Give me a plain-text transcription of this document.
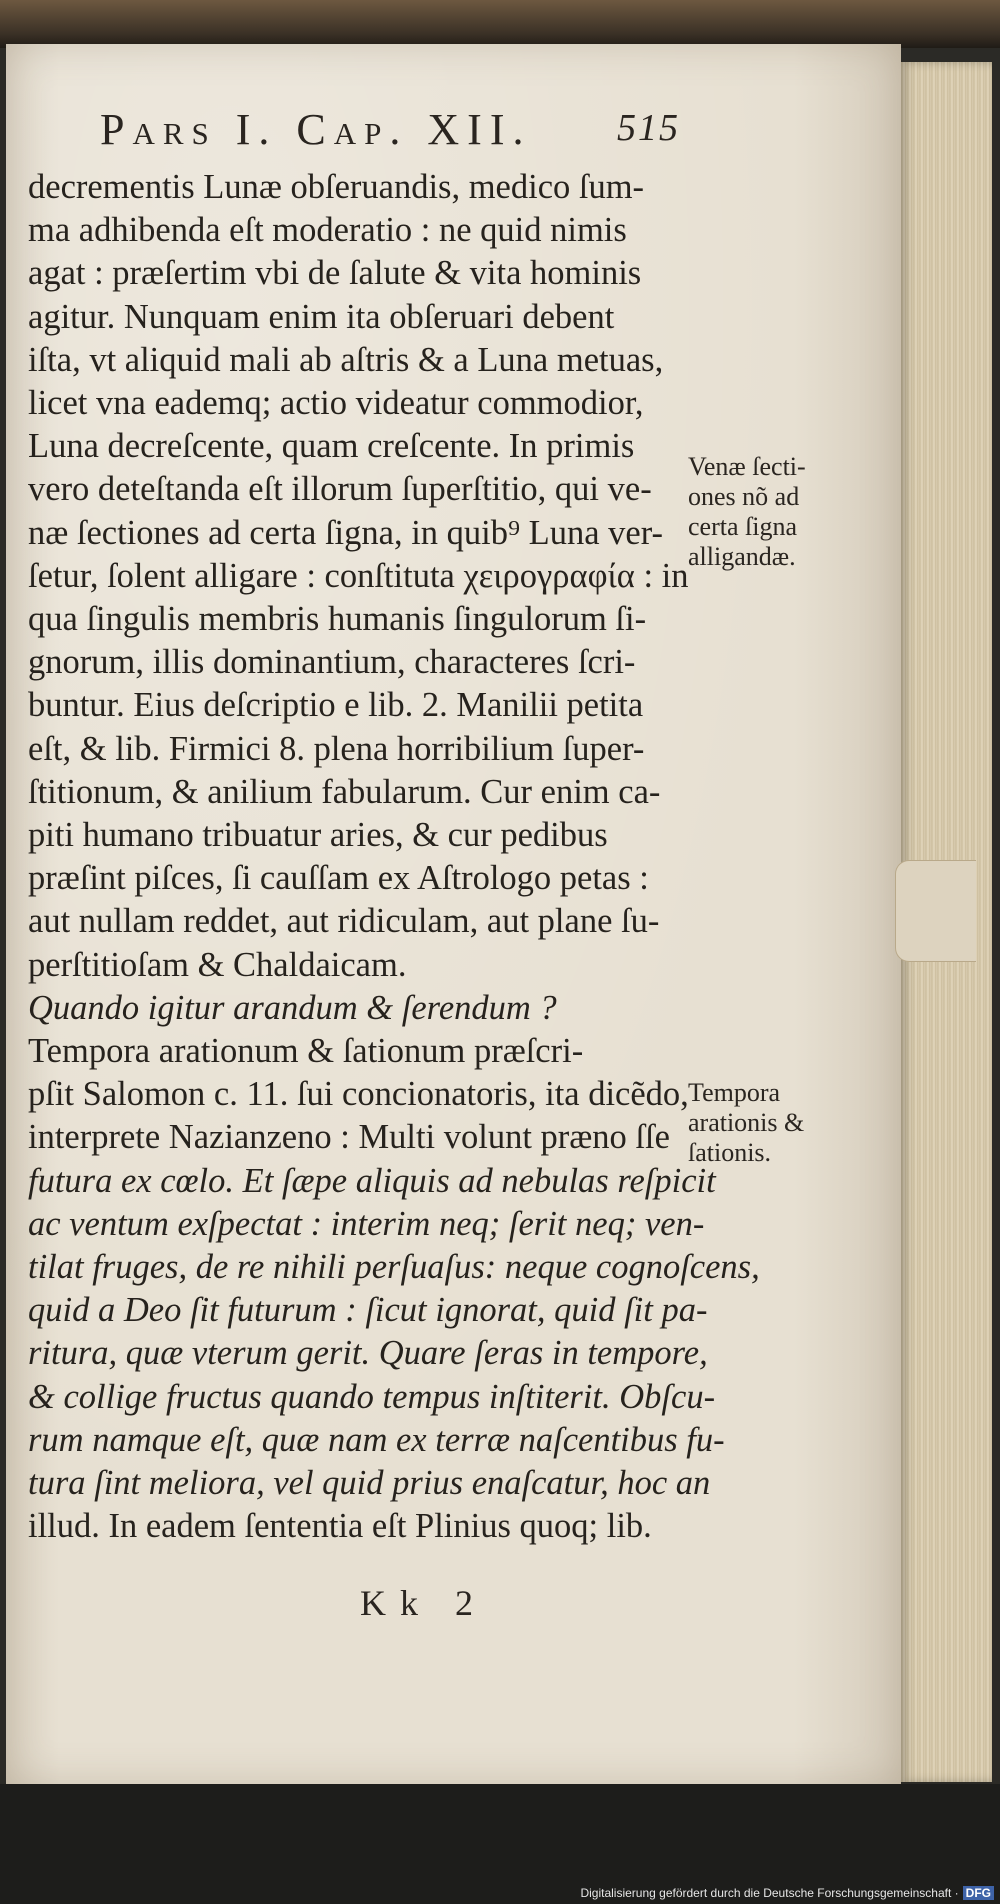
Pars I. Cap. XII. 515
decrementis Lunæ obſeruandis, medico ſum-
ma adhibenda eſt moderatio : ne quid nimis
agat : præſertim vbi de ſalute & vita hominis
agitur. Nunquam enim ita obſeruari debent
iſta, vt aliquid mali ab aſtris & a Luna metuas,
licet vna eademq; actio videatur commodior,
Luna decreſcente, quam creſcente. In primis
vero deteſtanda eſt illorum ſuperſtitio, qui ve-
næ ſectiones ad certa ſigna, in quib⁹ Luna ver-
ſetur, ſolent alligare : conſtituta χειρογραφία : in
qua ſingulis membris humanis ſingulorum ſi-
gnorum, illis dominantium, characteres ſcri-
buntur. Eius deſcriptio e lib. 2. Manilii petita
eſt, & lib. Firmici 8. plena horribilium ſuper-
ſtitionum, & anilium fabularum. Cur enim ca-
piti humano tribuatur aries, & cur pedibus
præſint piſces, ſi cauſſam ex Aſtrologo petas :
aut nullam reddet, aut ridiculam, aut plane ſu-
perſtitioſam & Chaldaicam.
Quando igitur arandum & ſerendum ?
Tempora arationum & ſationum præſcri-
pſit Salomon c. 11. ſui concionatoris, ita dicẽdo,
interprete Nazianzeno : Multi volunt præno ſſe
futura ex cœlo. Et ſæpe aliquis ad nebulas reſpicit
ac ventum exſpectat : interim neq; ſerit neq; ven-
tilat fruges, de re nihili perſuaſus: neque cognoſcens,
quid a Deo ſit futurum : ſicut ignorat, quid ſit pa-
ritura, quæ vterum gerit. Quare ſeras in tempore,
& collige fructus quando tempus inſtiterit. Obſcu-
rum namque eſt, quæ nam ex terræ naſcentibus fu-
tura ſint meliora, vel quid prius enaſcatur, hoc an
illud. In eadem ſententia eſt Plinius quoq; lib.
Venæ ſecti-
ones nõ ad
certa ſigna
alligandæ.
Tempora
arationis &
ſationis.
Kk 2
Digitalisierung gefördert durch die Deutsche Forschungsgemeinschaft · DFG
